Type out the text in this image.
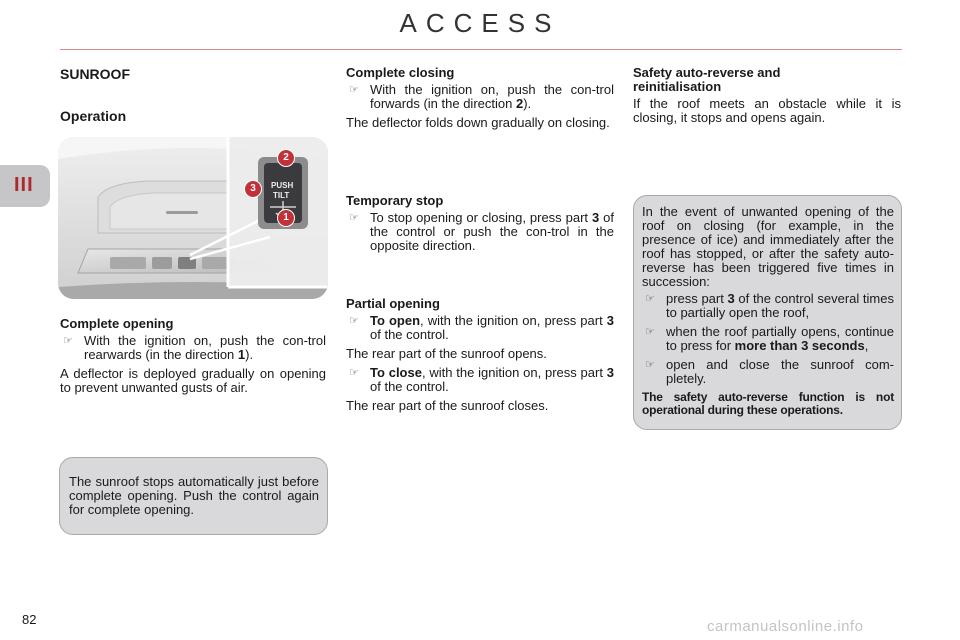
ACCESS
III
SUNROOF
Operation
PUSH
TILT
2
3
1
Complete opening

☞ With the ignition on, push the con-trol rearwards (in the direction 1).

A deflector is deployed gradually on opening to prevent unwanted gusts of air.

The sunroof stops automatically just before complete opening. Push the control again for complete opening.

Complete closing

☞ With the ignition on, push the con-trol forwards (in the direction 2).

The deflector folds down gradually on closing.

Temporary stop

☞ To stop opening or closing, press part 3 of the control or push the con-trol in the opposite direction.

Partial opening

☞ To open, with the ignition on, press part 3 of the control.

The rear part of the sunroof opens.

☞ To close, with the ignition on, press part 3 of the control.

The rear part of the sunroof closes.

Safety auto-reverse and reinitialisation

If the roof meets an obstacle while it is closing, it stops and opens again.

In the event of unwanted opening of the roof on closing (for example, in the presence of ice) and immediately after the roof has stopped, or after the safety auto-reverse has been triggered five times in succession:

☞ press part 3 of the control several times to partially open the roof,

☞ when the roof partially opens, continue to press for more than 3 seconds,

☞ open and close the sunroof com-pletely.

The safety auto-reverse function is not operational during these operations.

82	carmanualsonline.info
